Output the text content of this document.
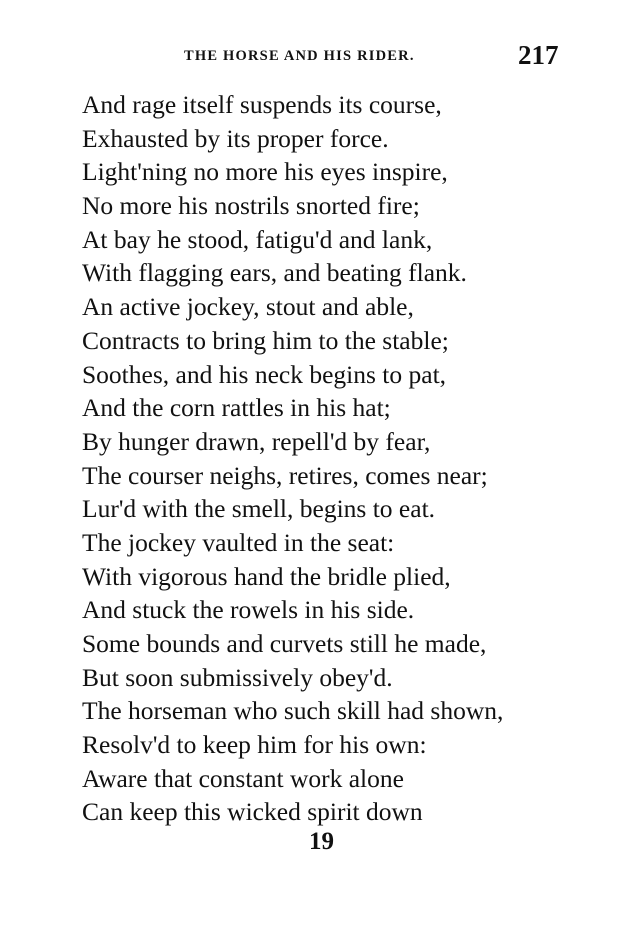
THE HORSE AND HIS RIDER.	217
And rage itself suspends its course,
Exhausted by its proper force.
Light'ning no more his eyes inspire,
No more his nostrils snorted fire;
At bay he stood, fatigu'd and lank,
With flagging ears, and beating flank.
An active jockey, stout and able,
Contracts to bring him to the stable;
Soothes, and his neck begins to pat,
And the corn rattles in his hat;
By hunger drawn, repell'd by fear,
The courser neighs, retires, comes near;
Lur'd with the smell, begins to eat.
The jockey vaulted in the seat:
With vigorous hand the bridle plied,
And stuck the rowels in his side.
Some bounds and curvets still he made,
But soon submissively obey'd.
The horseman who such skill had shown,
Resolv'd to keep him for his own:
Aware that constant work alone
Can keep this wicked spirit down
19
